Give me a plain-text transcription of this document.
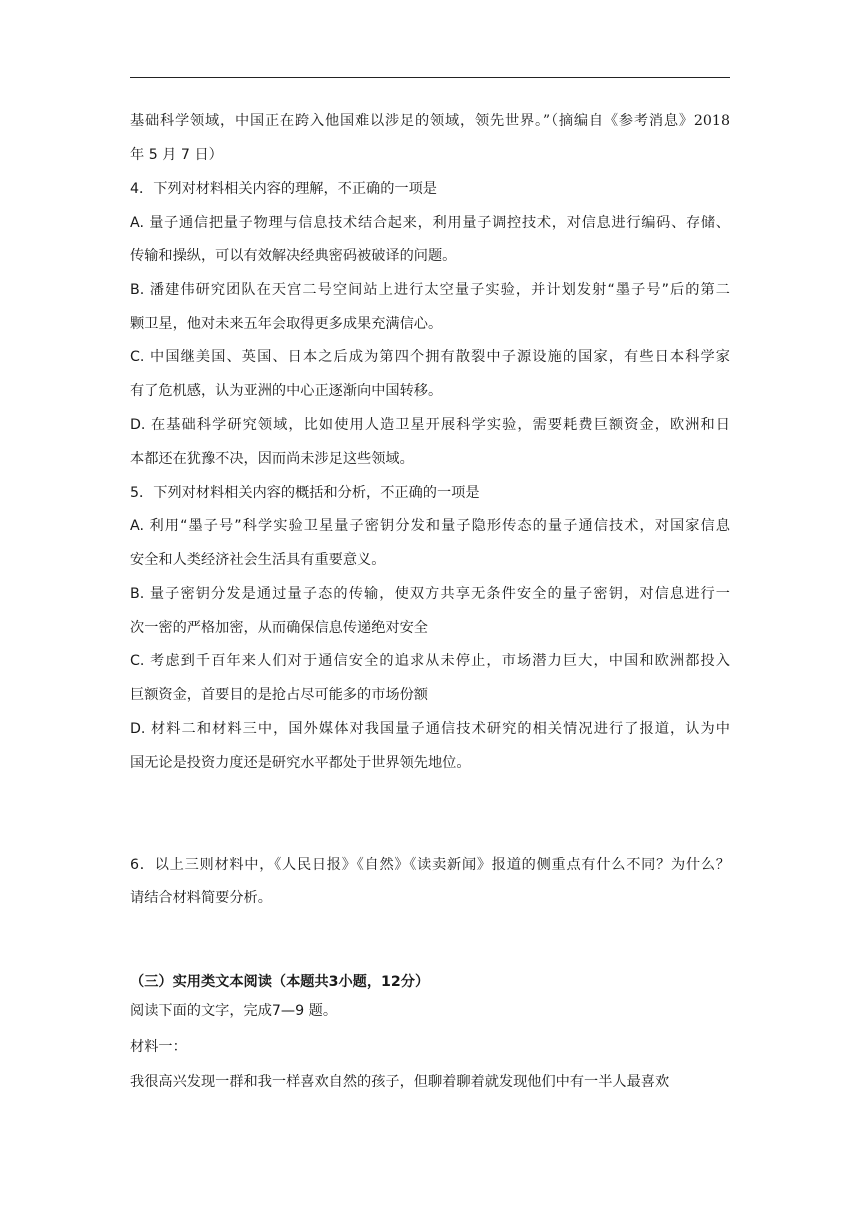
基础科学领域，中国正在跨入他国难以涉足的领域，领先世界。”（摘编自《参考消息》2018
年 5 月 7 日）
4．下列对材料相关内容的理解，不正确的一项是
A. 量子通信把量子物理与信息技术结合起来，利用量子调控技术，对信息进行编码、存储、
传输和操纵，可以有效解决经典密码被破译的问题。
B. 潘建伟研究团队在天宫二号空间站上进行太空量子实验，并计划发射“墨子号”后的第二
颗卫星，他对未来五年会取得更多成果充满信心。
C. 中国继美国、英国、日本之后成为第四个拥有散裂中子源设施的国家，有些日本科学家
有了危机感，认为亚洲的中心正逐渐向中国转移。
D. 在基础科学研究领域，比如使用人造卫星开展科学实验，需要耗费巨额资金，欧洲和日
本都还在犹豫不决，因而尚未涉足这些领域。
5．下列对材料相关内容的概括和分析，不正确的一项是
A. 利用“墨子号”科学实验卫星量子密钥分发和量子隐形传态的量子通信技术，对国家信息
安全和人类经济社会生活具有重要意义。
B. 量子密钥分发是通过量子态的传输，使双方共享无条件安全的量子密钥，对信息进行一
次一密的严格加密，从而确保信息传递绝对安全
C. 考虑到千百年来人们对于通信安全的追求从未停止，市场潜力巨大，中国和欧洲都投入
巨额资金，首要目的是抢占尽可能多的市场份额
D. 材料二和材料三中，国外媒体对我国量子通信技术研究的相关情况进行了报道，认为中
国无论是投资力度还是研究水平都处于世界领先地位。
6．以上三则材料中，《人民日报》《自然》《读卖新闻》报道的侧重点有什么不同？为什么？
请结合材料简要分析。
（三）实用类文本阅读（本题共3小题，12分）
阅读下面的文字，完成7—9 题。
材料一：
我很高兴发现一群和我一样喜欢自然的孩子，但聊着聊着就发现他们中有一半人最喜欢
